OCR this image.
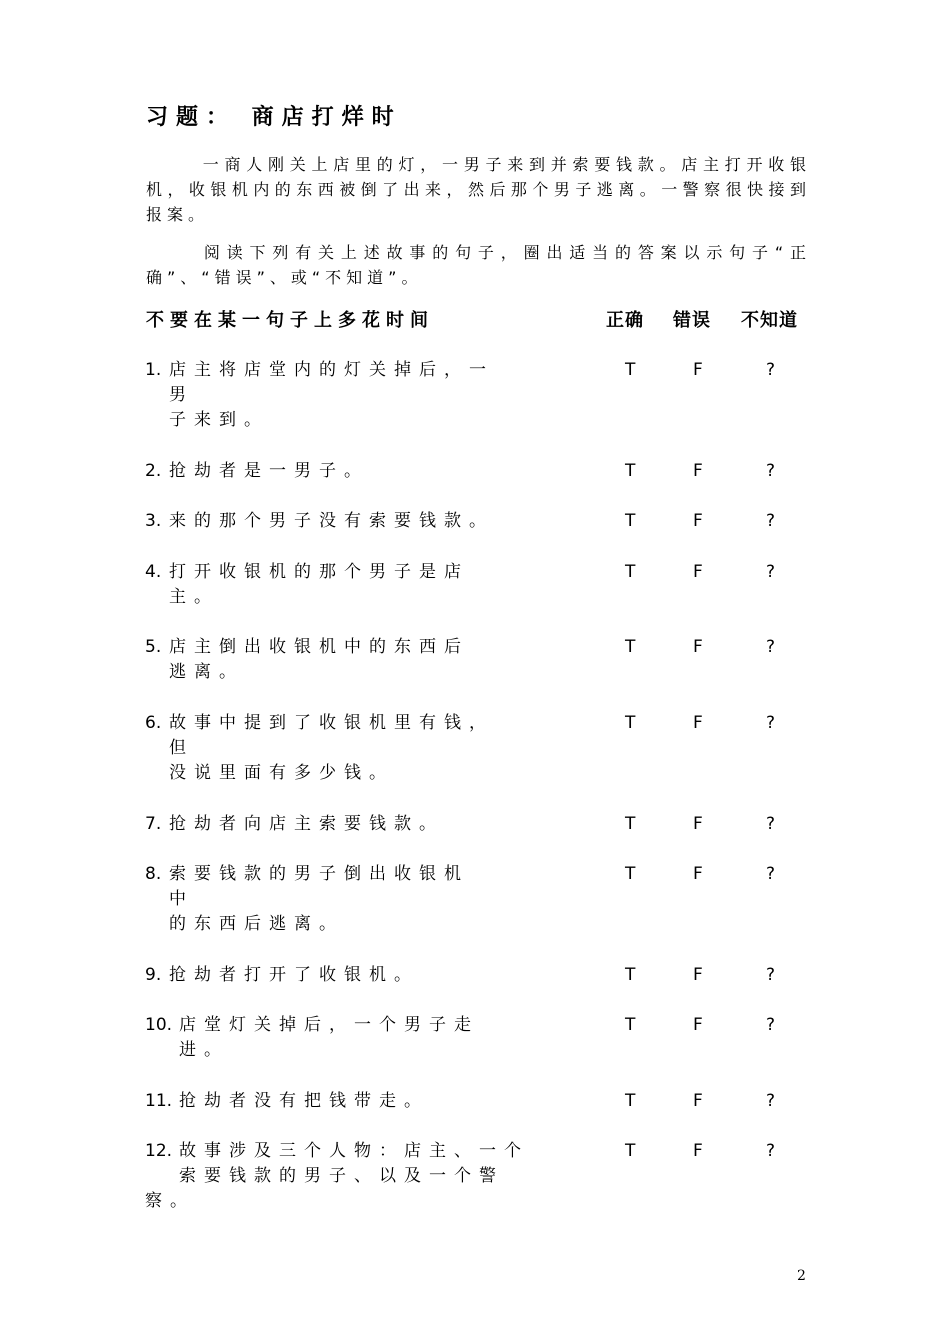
习题： 商店打烊时

一商人刚关上店里的灯，一男子来到并索要钱款。店主打开收银机，收银机内的东西被倒了出来，然后那个男子逃离。一警察很快接到报案。

阅读下列有关上述故事的句子，圈出适当的答案以示句子“正确”、“错误”、或“不知道”。

不要在某一句子上多花时间	正确 错误 不知道
1. 店主将店堂内的灯关掉后，一
男
子来到。
T	F	?
2. 抢劫者是一男子。	T	F	?
3. 来的那个男子没有索要钱款。	T	F	?
4. 打开收银机的那个男子是店
主。
T	F	?
5. 店主倒出收银机中的东西后
逃离。
T	F	?
6. 故事中提到了收银机里有钱，
但
没说里面有多少钱。
T	F	?
7. 抢劫者向店主索要钱款。	T	F	?
8. 索要钱款的男子倒出收银机
中
的东西后逃离。
T	F	?
9. 抢劫者打开了收银机。	T	F	?
10. 店堂灯关掉后，一个男子走
进。
T	F	?
11. 抢劫者没有把钱带走。	T	F	?
12. 故事涉及三个人物：店主、一个
索要钱款的男子、以及一个警
察。
T	F	?
2
